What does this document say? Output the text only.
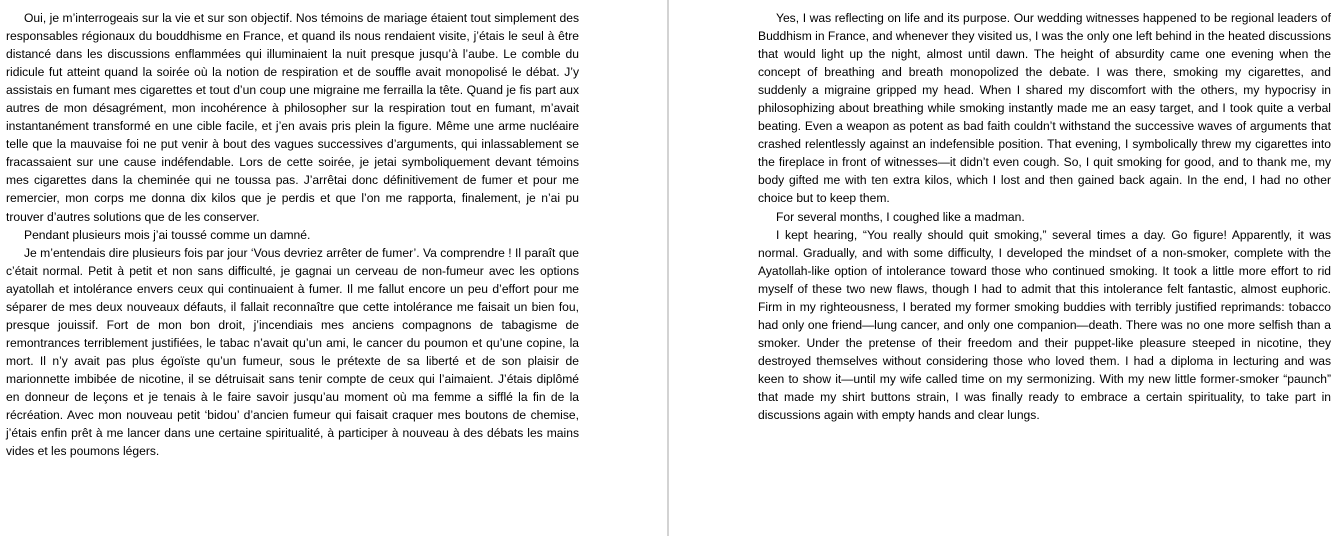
Oui, je m’interrogeais sur la vie et sur son objectif. Nos témoins de mariage étaient tout simplement des responsables régionaux du bouddhisme en France, et quand ils nous rendaient visite, j’étais le seul à être distancé dans les discussions enflammées qui illuminaient la nuit presque jusqu’à l’aube. Le comble du ridicule fut atteint quand la soirée où la notion de respiration et de souffle avait monopolisé le débat. J’y assistais en fumant mes cigarettes et tout d’un coup une migraine me ferrailla la tête. Quand je fis part aux autres de mon désagrément, mon incohérence à philosopher sur la respiration tout en fumant, m’avait instantanément transformé en une cible facile, et j’en avais pris plein la figure. Même une arme nucléaire telle que la mauvaise foi ne put venir à bout des vagues successives d’arguments, qui inlassablement se fracassaient sur une cause indéfendable. Lors de cette soirée, je jetai symboliquement devant témoins mes cigarettes dans la cheminée qui ne toussa pas. J’arrêtai donc définitivement de fumer et pour me remercier, mon corps me donna dix kilos que je perdis et que l’on me rapporta, finalement, je n’ai pu trouver d’autres solutions que de les conserver.

Pendant plusieurs mois j’ai toussé comme un damné.

Je m’entendais dire plusieurs fois par jour ‘Vous devriez arrêter de fumer’. Va comprendre ! Il paraît que c’était normal. Petit à petit et non sans difficulté, je gagnai un cerveau de non-fumeur avec les options ayatollah et intolérance envers ceux qui continuaient à fumer. Il me fallut encore un peu d’effort pour me séparer de mes deux nouveaux défauts, il fallait reconnaître que cette intolérance me faisait un bien fou, presque jouissif. Fort de mon bon droit, j’incendiais mes anciens compagnons de tabagisme de remontrances terriblement justifiées, le tabac n’avait qu’un ami, le cancer du poumon et qu’une copine, la mort. Il n’y avait pas plus égoïste qu’un fumeur, sous le prétexte de sa liberté et de son plaisir de marionnette imbibée de nicotine, il se détruisait sans tenir compte de ceux qui l’aimaient. J’étais diplômé en donneur de leçons et je tenais à le faire savoir jusqu’au moment où ma femme a sifflé la fin de la récréation. Avec mon nouveau petit ‘bidou’ d’ancien fumeur qui faisait craquer mes boutons de chemise, j’étais enfin prêt à me lancer dans une certaine spiritualité, à participer à nouveau à des débats les mains vides et les poumons légers.

Yes, I was reflecting on life and its purpose. Our wedding witnesses happened to be regional leaders of Buddhism in France, and whenever they visited us, I was the only one left behind in the heated discussions that would light up the night, almost until dawn. The height of absurdity came one evening when the concept of breathing and breath monopolized the debate. I was there, smoking my cigarettes, and suddenly a migraine gripped my head. When I shared my discomfort with the others, my hypocrisy in philosophizing about breathing while smoking instantly made me an easy target, and I took quite a verbal beating. Even a weapon as potent as bad faith couldn’t withstand the successive waves of arguments that crashed relentlessly against an indefensible position. That evening, I symbolically threw my cigarettes into the fireplace in front of witnesses—it didn’t even cough. So, I quit smoking for good, and to thank me, my body gifted me with ten extra kilos, which I lost and then gained back again. In the end, I had no other choice but to keep them.

For several months, I coughed like a madman.

I kept hearing, “You really should quit smoking,” several times a day. Go figure! Apparently, it was normal. Gradually, and with some difficulty, I developed the mindset of a non-smoker, complete with the Ayatollah-like option of intolerance toward those who continued smoking. It took a little more effort to rid myself of these two new flaws, though I had to admit that this intolerance felt fantastic, almost euphoric. Firm in my righteousness, I berated my former smoking buddies with terribly justified reprimands: tobacco had only one friend—lung cancer, and only one companion—death. There was no one more selfish than a smoker. Under the pretense of their freedom and their puppet-like pleasure steeped in nicotine, they destroyed themselves without considering those who loved them. I had a diploma in lecturing and was keen to show it—until my wife called time on my sermonizing. With my new little former-smoker “paunch” that made my shirt buttons strain, I was finally ready to embrace a certain spirituality, to take part in discussions again with empty hands and clear lungs.
